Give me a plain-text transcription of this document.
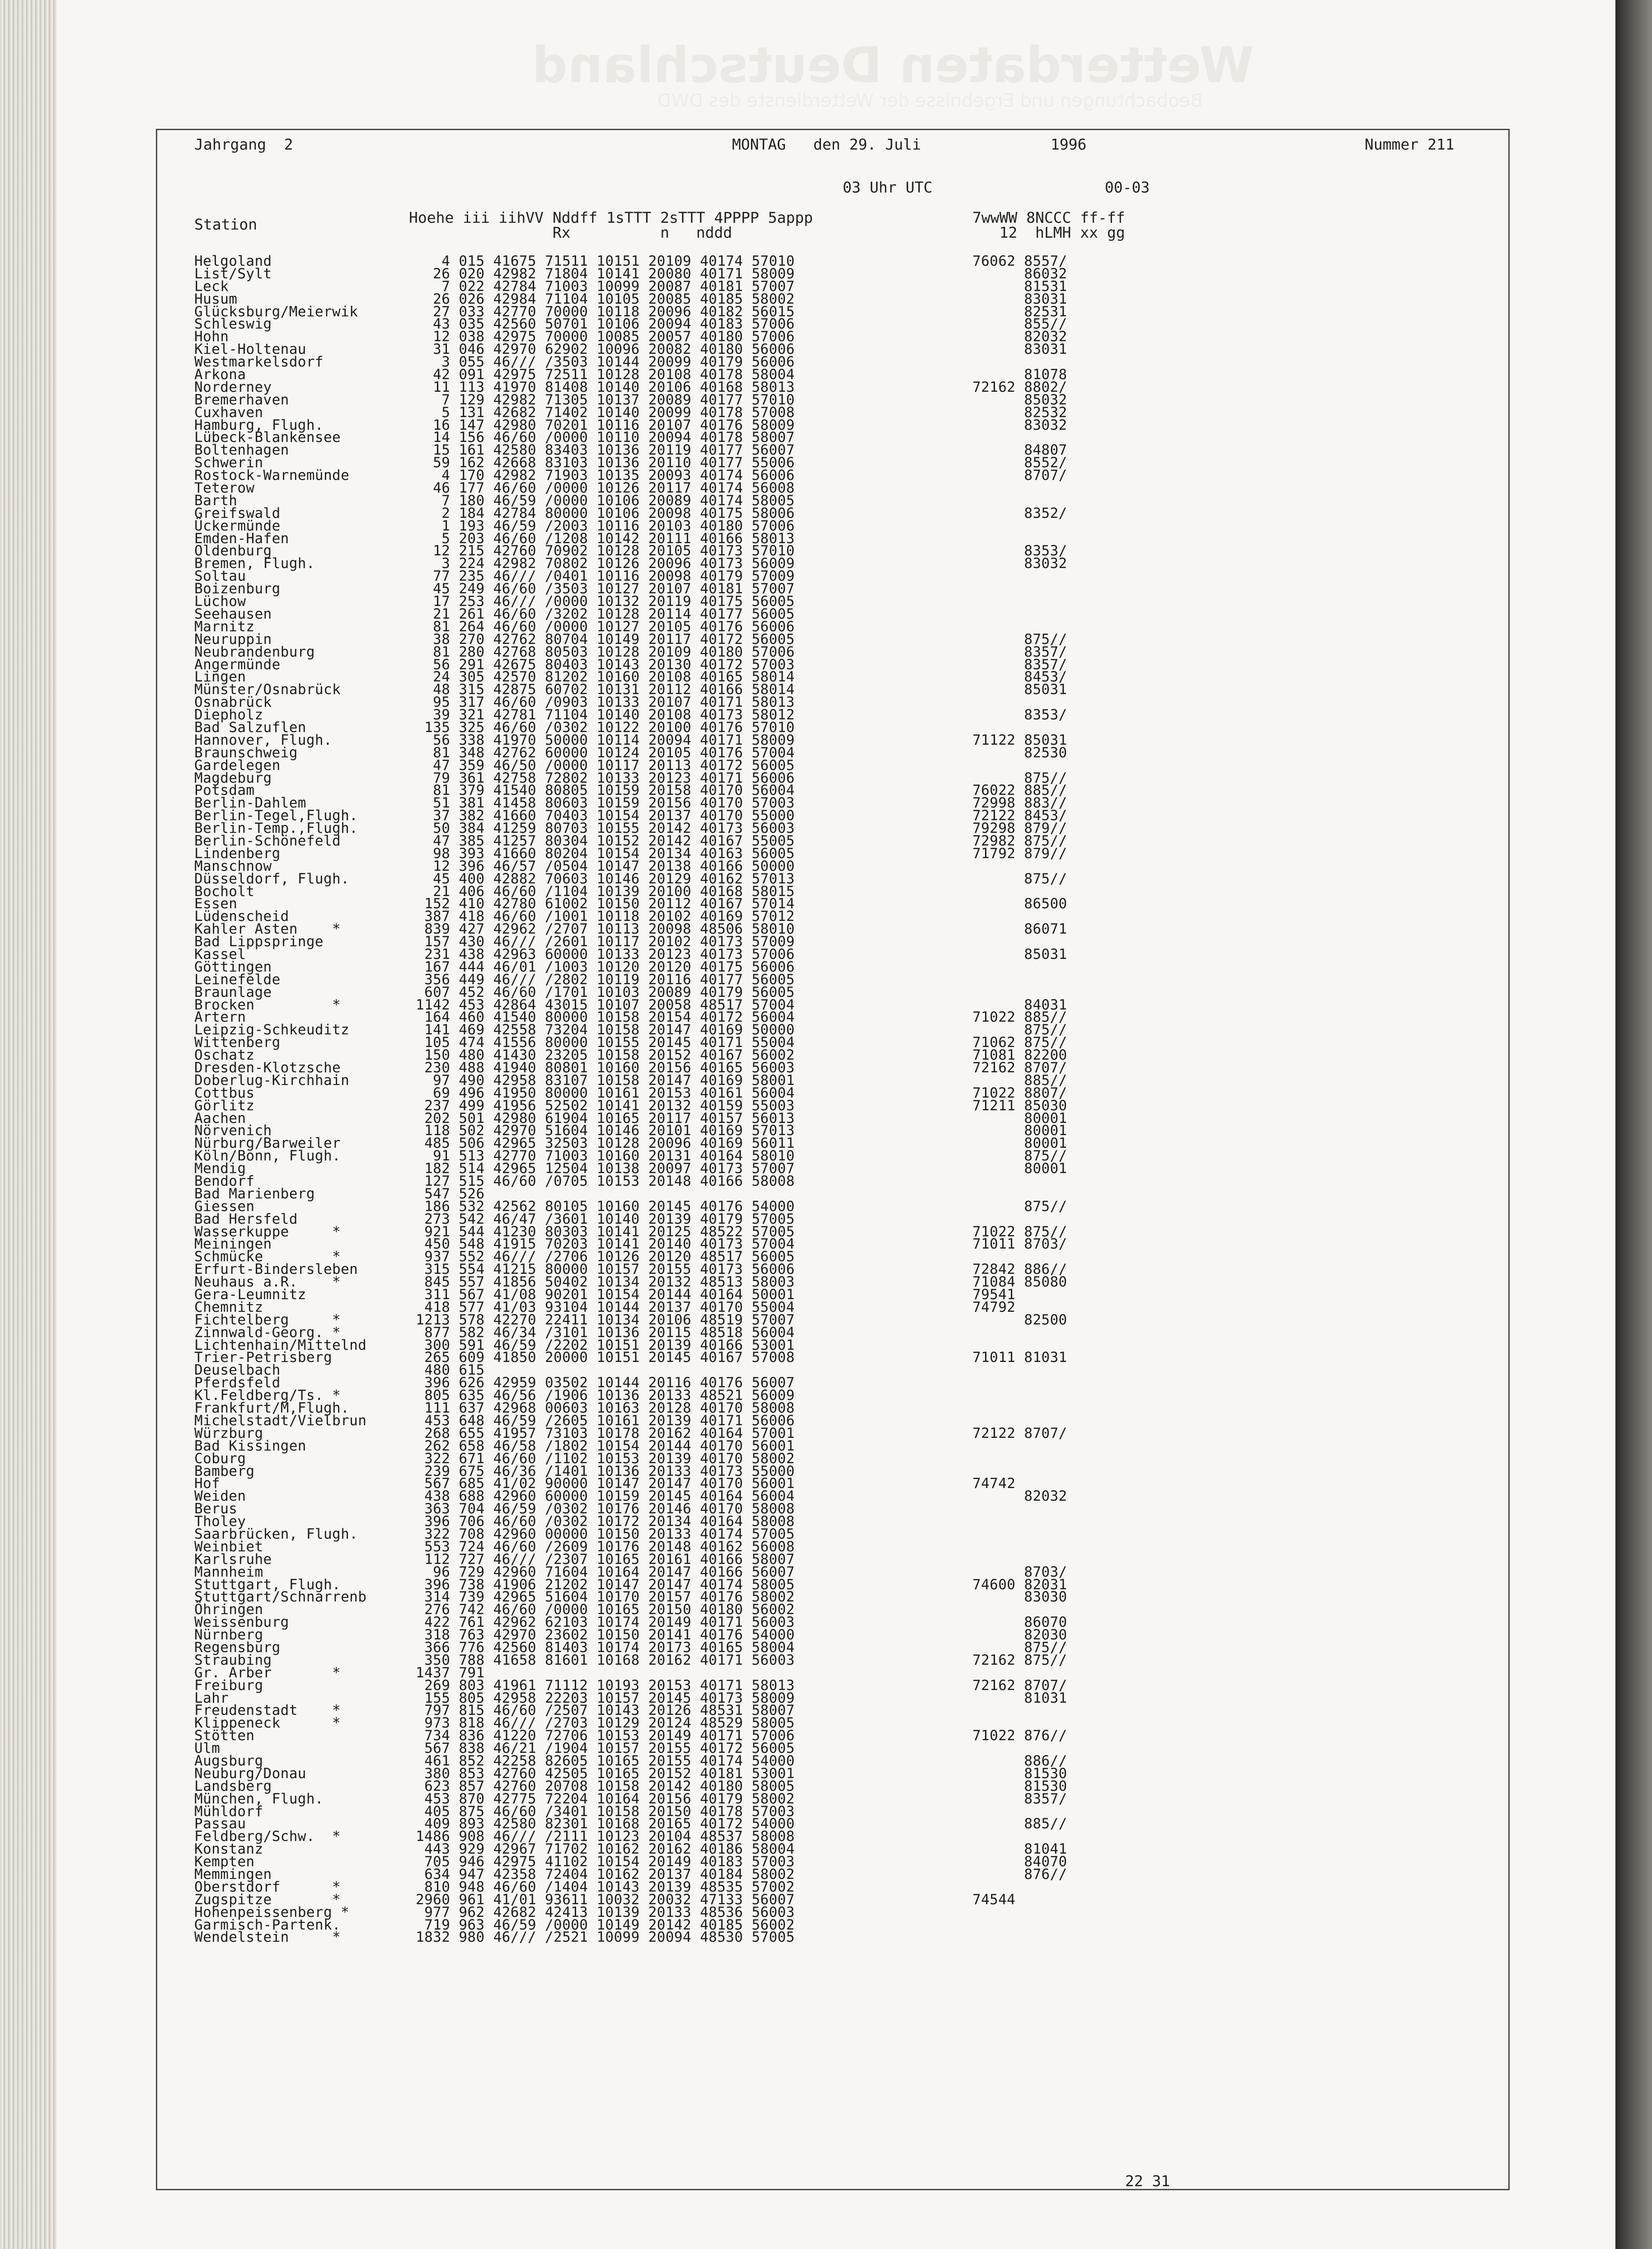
Wetterdaten Deutschland
Beobachtungen und Ergebnisse der Wetterdienste des DWD
Jahrgang  2	MONTAG den 29. Juli	1996	Nummer 211
03 Uhr UTC	00-03
Station	Hoehe iii iihVV Nddff 1sTTT 2sTTT 4PPPP 5appp
Rx          n   nddd
7wwWW 8NCCC ff-ff
12  hLMH xx gg
Helgoland	4 015 41675 71511 10151 20109 40174 57010	76062 8557/
List/Sylt	26 020 42982 71804 10141 20080 40171 58009	86032
Leck	7 022 42784 71003 10099 20087 40181 57007	81531
Husum	26 026 42984 71104 10105 20085 40185 58002	83031
Glücksburg/Meierwik	27 033 42770 70000 10118 20096 40182 56015	82531
Schleswig	43 035 42560 50701 10106 20094 40183 57006	855//
Hohn	12 038 42975 70000 10085 20057 40180 57006	82032
Kiel-Holtenau	31 046 42970 62902 10096 20082 40180 56006	83031
Westmarkelsdorf	3 055 46/// /3503 10144 20099 40179 56006
Arkona	42 091 42975 72511 10128 20108 40178 58004	81078
Norderney	11 113 41970 81408 10140 20106 40168 58013	72162 8802/
Bremerhaven	7 129 42982 71305 10137 20089 40177 57010	85032
Cuxhaven	5 131 42682 71402 10140 20099 40178 57008	82532
Hamburg, Flugh.	16 147 42980 70201 10116 20107 40176 58009	83032
Lübeck-Blankensee	14 156 46/60 /0000 10110 20094 40178 58007
Boltenhagen	15 161 42580 83403 10136 20119 40177 56007	84807
Schwerin	59 162 42668 83103 10136 20110 40177 55006	8552/
Rostock-Warnemünde	4 170 42982 71903 10135 20093 40174 56006	8707/
Teterow	46 177 46/60 /0000 10126 20117 40174 56008
Barth	7 180 46/59 /0000 10106 20089 40174 58005
Greifswald	2 184 42784 80000 10106 20098 40175 58006	8352/
Ückermünde	1 193 46/59 /2003 10116 20103 40180 57006
Emden-Hafen	5 203 46/60 /1208 10142 20111 40166 58013
Oldenburg	12 215 42760 70902 10128 20105 40173 57010	8353/
Bremen, Flugh.	3 224 42982 70802 10126 20096 40173 56009	83032
Soltau	77 235 46/// /0401 10116 20098 40179 57009
Boizenburg	45 249 46/60 /3503 10127 20107 40181 57007
Lüchow	17 253 46/// /0000 10132 20119 40175 56005
Seehausen	21 261 46/60 /3202 10128 20114 40177 56005
Marnitz	81 264 46/60 /0000 10127 20105 40176 56006
Neuruppin	38 270 42762 80704 10149 20117 40172 56005	875//
Neubrandenburg	81 280 42768 80503 10128 20109 40180 57006	8357/
Angermünde	56 291 42675 80403 10143 20130 40172 57003	8357/
Lingen	24 305 42570 81202 10160 20108 40165 58014	8453/
Münster/Osnabrück	48 315 42875 60702 10131 20112 40166 58014	85031
Osnabrück	95 317 46/60 /0903 10133 20107 40171 58013
Diepholz	39 321 42781 71104 10140 20108 40173 58012	8353/
Bad Salzuflen	135 325 46/60 /0302 10122 20100 40176 57010
Hannover, Flugh.	56 338 41970 50000 10114 20094 40171 58009	71122 85031
Braunschweig	81 348 42762 60000 10124 20105 40176 57004	82530
Gardelegen	47 359 46/50 /0000 10117 20113 40172 56005
Magdeburg	79 361 42758 72802 10133 20123 40171 56006	875//
Potsdam	81 379 41540 80805 10159 20158 40170 56004	76022 885//
Berlin-Dahlem	51 381 41458 80603 10159 20156 40170 57003	72998 883//
Berlin-Tegel,Flugh.	37 382 41660 70403 10154 20137 40170 55000	72122 8453/
Berlin-Temp.,Flugh.	50 384 41259 80703 10155 20142 40173 56003	79298 879//
Berlin-Schönefeld	47 385 41257 80304 10152 20142 40167 55005	72982 875//
Lindenberg	98 393 41660 80204 10154 20134 40163 56005	71792 879//
Manschnow	12 396 46/57 /0504 10147 20138 40166 50000
Düsseldorf, Flugh.	45 400 42882 70603 10146 20129 40162 57013	875//
Bocholt	21 406 46/60 /1104 10139 20100 40168 58015
Essen	152 410 42780 61002 10150 20112 40167 57014	86500
Lüdenscheid	387 418 46/60 /1001 10118 20102 40169 57012
Kahler Asten    *	839 427 42962 /2707 10113 20098 48506 58010	86071
Bad Lippspringe	157 430 46/// /2601 10117 20102 40173 57009
Kassel	231 438 42963 60000 10133 20123 40173 57006	85031
Göttingen	167 444 46/01 /1003 10120 20120 40175 56006
Leinefelde	356 449 46/// /2802 10119 20116 40177 56005
Braunlage	607 452 46/60 /1701 10103 20089 40179 56005
Brocken         *	1142 453 42864 43015 10107 20058 48517 57004	84031
Artern	164 460 41540 80000 10158 20154 40172 56004	71022 885//
Leipzig-Schkeuditz	141 469 42558 73204 10158 20147 40169 50000	875//
Wittenberg	105 474 41556 80000 10155 20145 40171 55004	71062 875//
Oschatz	150 480 41430 23205 10158 20152 40167 56002	71081 82200
Dresden-Klotzsche	230 488 41940 80801 10160 20156 40165 56003	72162 8707/
Doberlug-Kirchhain	97 490 42958 83107 10158 20147 40169 58001	885//
Cottbus	69 496 41950 80000 10161 20153 40161 56004	71022 8807/
Görlitz	237 499 41956 52502 10141 20132 40159 55003	71211 85030
Aachen	202 501 42980 61904 10165 20117 40157 56013	80001
Nörvenich	118 502 42970 51604 10146 20101 40169 57013	80001
Nürburg/Barweiler	485 506 42965 32503 10128 20096 40169 56011	80001
Köln/Bonn, Flugh.	91 513 42770 71003 10160 20131 40164 58010	875//
Mendig	182 514 42965 12504 10138 20097 40173 57007	80001
Bendorf	127 515 46/60 /0705 10153 20148 40166 58008
Bad Marienberg	547 526
Giessen	186 532 42562 80105 10160 20145 40176 54000	875//
Bad Hersfeld	273 542 46/47 /3601 10140 20139 40179 57005
Wasserkuppe     *	921 544 41230 80303 10141 20125 48522 57005	71022 875//
Meiningen	450 548 41915 70203 10141 20140 40173 57004	71011 8703/
Schmücke        *	937 552 46/// /2706 10126 20120 48517 56005
Erfurt-Bindersleben	315 554 41215 80000 10157 20155 40173 56006	72842 886//
Neuhaus a.R.    *	845 557 41856 50402 10134 20132 48513 58003	71084 85080
Gera-Leumnitz	311 567 41/08 90201 10154 20144 40164 50001	79541
Chemnitz	418 577 41/03 93104 10144 20137 40170 55004	74792
Fichtelberg     *	1213 578 42270 22411 10134 20106 48519 57007	82500
Zinnwald-Georg. *	877 582 46/34 /3101 10136 20115 48518 56004
Lichtenhain/Mittelnd	300 591 46/59 /2202 10151 20139 40166 53001
Trier-Petrisberg	265 609 41850 20000 10151 20145 40167 57008	71011 81031
Deuselbach	480 615
Pferdsfeld	396 626 42959 03502 10144 20116 40176 56007
Kl.Feldberg/Ts. *	805 635 46/56 /1906 10136 20133 48521 56009
Frankfurt/M,Flugh.	111 637 42968 00603 10163 20128 40170 58008
Michelstadt/Vielbrun	453 648 46/59 /2605 10161 20139 40171 56006
Würzburg	268 655 41957 73103 10178 20162 40164 57001	72122 8707/
Bad Kissingen	262 658 46/58 /1802 10154 20144 40170 56001
Coburg	322 671 46/60 /1102 10153 20139 40170 58002
Bamberg	239 675 46/36 /1401 10136 20133 40173 55000
Hof	567 685 41/02 90000 10147 20147 40170 56001	74742
Weiden	438 688 42960 60000 10159 20145 40164 56004	82032
Berus	363 704 46/59 /0302 10176 20146 40170 58008
Tholey	396 706 46/60 /0302 10172 20134 40164 58008
Saarbrücken, Flugh.	322 708 42960 00000 10150 20133 40174 57005
Weinbiet	553 724 46/60 /2609 10176 20148 40162 56008
Karlsruhe	112 727 46/// /2307 10165 20161 40166 58007
Mannheim	96 729 42960 71604 10164 20147 40166 56007	8703/
Stuttgart, Flugh.	396 738 41906 21202 10147 20147 40174 58005	74600 82031
Stuttgart/Schnarrenb	314 739 42965 51604 10170 20157 40176 58002	83030
Öhringen	276 742 46/60 /0000 10165 20150 40180 56002
Weissenburg	422 761 42962 62103 10174 20149 40171 56003	86070
Nürnberg	318 763 42970 23602 10150 20141 40176 54000	82030
Regensburg	366 776 42560 81403 10174 20173 40165 58004	875//
Straubing	350 788 41658 81601 10168 20162 40171 56003	72162 875//
Gr. Arber       *	1437 791
Freiburg	269 803 41961 71112 10193 20153 40171 58013	72162 8707/
Lahr	155 805 42958 22203 10157 20145 40173 58009	81031
Freudenstadt    *	797 815 46/60 /2507 10143 20126 48531 58007
Klippeneck      *	973 818 46/// /2703 10129 20124 48529 58005
Stötten	734 836 41220 72706 10153 20149 40171 57006	71022 876//
Ulm	567 838 46/21 /1904 10157 20155 40172 56005
Augsburg	461 852 42258 82605 10165 20155 40174 54000	886//
Neuburg/Donau	380 853 42760 42505 10165 20152 40181 53001	81530
Landsberg	623 857 42760 20708 10158 20142 40180 58005	81530
München, Flugh.	453 870 42775 72204 10164 20156 40179 58002	8357/
Mühldorf	405 875 46/60 /3401 10158 20150 40178 57003
Passau	409 893 42580 82301 10168 20165 40172 54000	885//
Feldberg/Schw.  *	1486 908 46/// /2111 10123 20104 48537 58008
Konstanz	443 929 42967 71702 10162 20162 40186 58004	81041
Kempten	705 946 42975 41102 10154 20149 40183 57003	84070
Memmingen	634 947 42358 72404 10162 20137 40184 58002	876//
Oberstdorf      *	810 948 46/60 /1404 10143 20139 48535 57002
Zugspitze       *	2960 961 41/01 93611 10032 20032 47133 56007	74544
Hohenpeissenberg *	977 962 42682 42413 10139 20133 48536 56003
Garmisch-Partenk.	719 963 46/59 /0000 10149 20142 40185 56002
Wendelstein     *	1832 980 46/// /2521 10099 20094 48530 57005
22 31
